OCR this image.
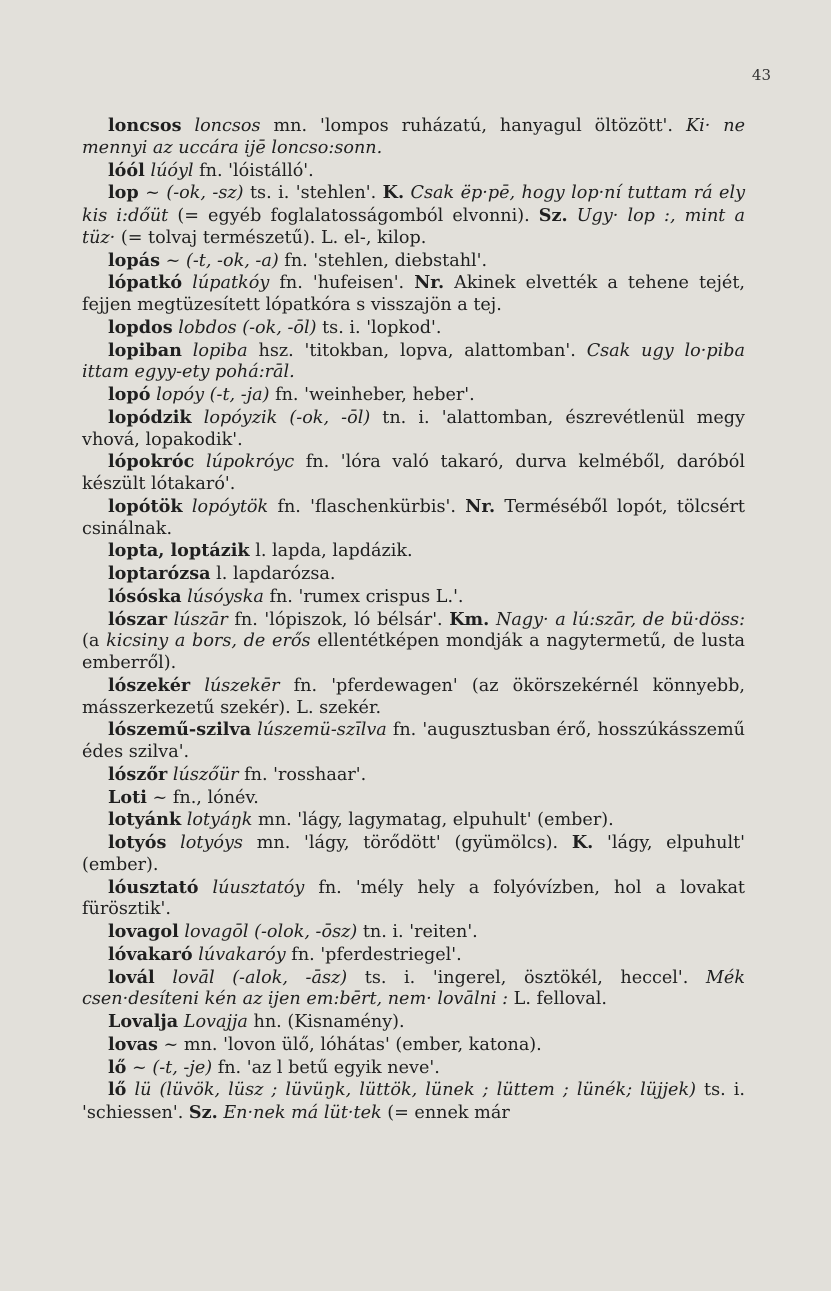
43

loncsos loncsos mn. 'lompos ruházatú, hanyagul öltözött'. Ki· ne mennyi az uccára ijē loncso:sonn.

lóól lúóyl fn. 'lóistálló'.

lop ~ (-ok, -sz) ts. i. 'stehlen'. K. Csak ëp·pē, hogy lop·ní tuttam rá ely kis i:dőüt (= egyéb foglalatosságomból elvonni). Sz. Ugy· lop :, mint a tüz· (= tolvaj természetű). L. el-, kilop.

lopás ~ (-t, -ok, -a) fn. 'stehlen, diebstahl'.

lópatkó lúpatkóy fn. 'hufeisen'. Nr. Akinek elvették a tehene tejét, fejjen megtüzesített lópatkóra s visszajön a tej.

lopdos lobdos (-ok, -ōl) ts. i. 'lopkod'.

lopiban lopiba hsz. 'titokban, lopva, alattomban'. Csak ugy lo·piba ittam egyy-ety pohá:rāl.

lopó lopóy (-t, -ja) fn. 'weinheber, heber'.

lopódzik lopóyzik (-ok, -ōl) tn. i. 'alattomban, észrevétlenül megy vhová, lopakodik'.

lópokróc lúpokróyc fn. 'lóra való takaró, durva kelméből, daróból készült lótakaró'.

lopótök lopóytök fn. 'flaschenkürbis'. Nr. Terméséből lopót, tölcsért csinálnak.

lopta, loptázik l. lapda, lapdázik.

loptarózsa l. lapdarózsa.

lósóska lúsóyska fn. 'rumex crispus L.'.

lószar lúszār fn. 'lópiszok, ló bélsár'. Km. Nagy· a lú:szār, de bü·döss: (a kicsiny a bors, de erős ellentétképen mondják a nagytermetű, de lusta emberről).

lószekér lúszekēr fn. 'pferdewagen' (az ökörszekérnél könnyebb, másszerkezetű szekér). L. szekér.

lószemű-szilva lúszemü-szīlva fn. 'augusztusban érő, hosszúkásszemű édes szilva'.

lószőr lúszőür fn. 'rosshaar'.

Loti ~ fn., lónév.

lotyánk lotyáŋk mn. 'lágy, lagymatag, elpuhult' (ember).

lotyós lotyóys mn. 'lágy, törődött' (gyümölcs). K. 'lágy, elpuhult' (ember).

lóusztató lúusztatóy fn. 'mély hely a folyóvízben, hol a lovakat fürösztik'.

lovagol lovagōl (-olok, -ōsz) tn. i. 'reiten'.

lóvakaró lúvakaróy fn. 'pferdestriegel'.

lovál lovāl (-alok, -āsz) ts. i. 'ingerel, ösztökél, heccel'. Mék csen·desíteni kén az ijen em:bērt, nem· lovālni : L. felloval.

Lovalja Lovajja hn. (Kisnamény).

lovas ~ mn. 'lovon ülő, lóhátas' (ember, katona).

lő ~ (-t, -je) fn. 'az l betű egyik neve'.

lő lü (lüvök, lüsz ; lüvüŋk, lüttök, lünek ; lüttem ; lünék; lüjjek) ts. i. 'schiessen'. Sz. En·nek má lüt·tek (= ennek már
